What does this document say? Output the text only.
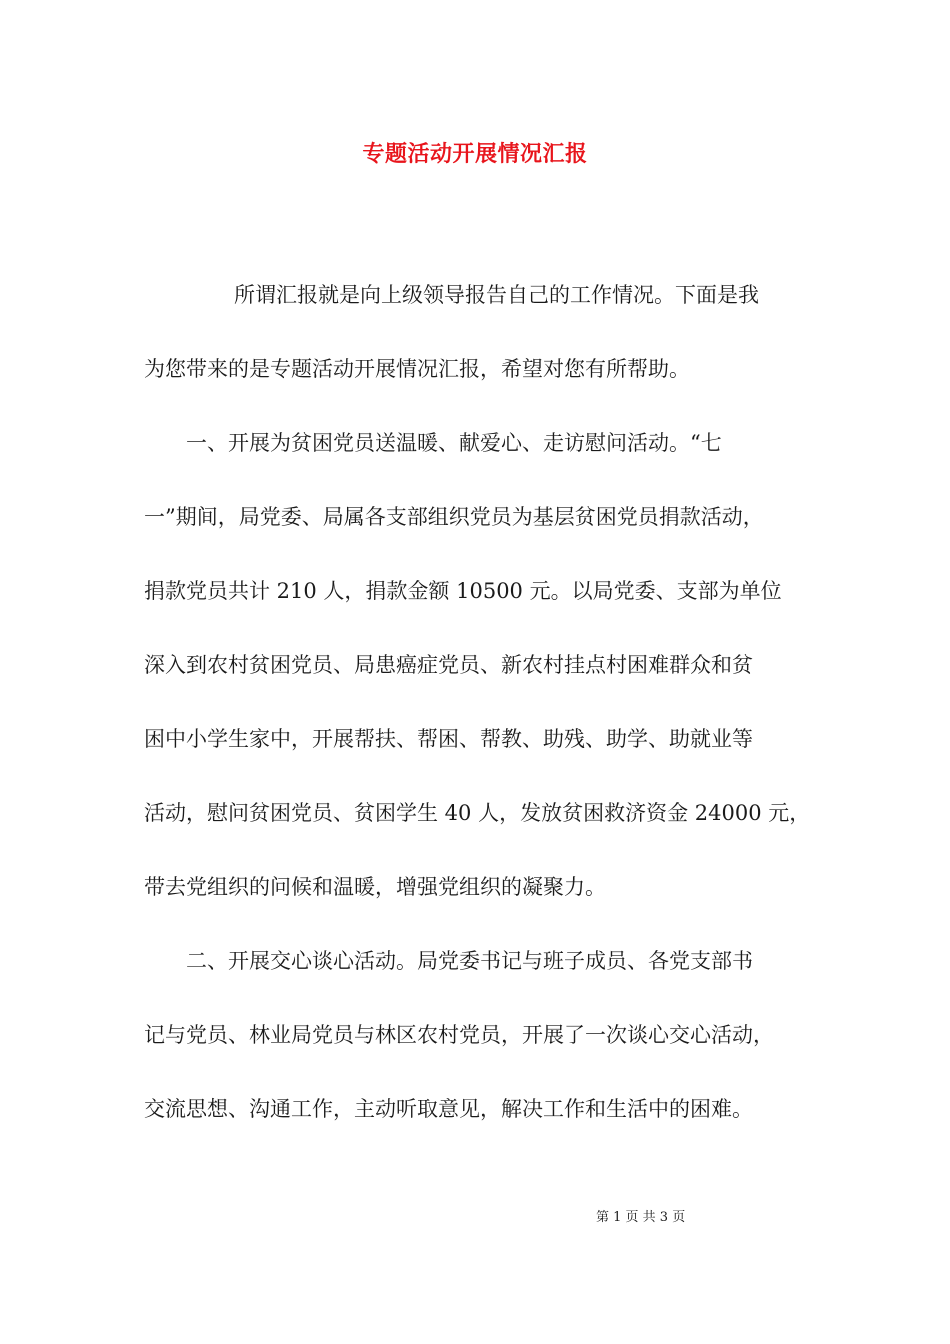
专题活动开展情况汇报
　　所谓汇报就是向上级领导报告自己的工作情况。下面是我
为您带来的是专题活动开展情况汇报，希望对您有所帮助。
　　一、开展为贫困党员送温暖、献爱心、走访慰问活动。“七
一”期间，局党委、局属各支部组织党员为基层贫困党员捐款活动，
捐款党员共计 210 人，捐款金额 10500 元。以局党委、支部为单位
深入到农村贫困党员、局患癌症党员、新农村挂点村困难群众和贫
困中小学生家中，开展帮扶、帮困、帮教、助残、助学、助就业等
活动，慰问贫困党员、贫困学生 40 人，发放贫困救济资金 24000 元，
带去党组织的问候和温暖，增强党组织的凝聚力。
　　二、开展交心谈心活动。局党委书记与班子成员、各党支部书
记与党员、林业局党员与林区农村党员，开展了一次谈心交心活动，
交流思想、沟通工作，主动听取意见，解决工作和生活中的困难。
第 1 页 共 3 页
